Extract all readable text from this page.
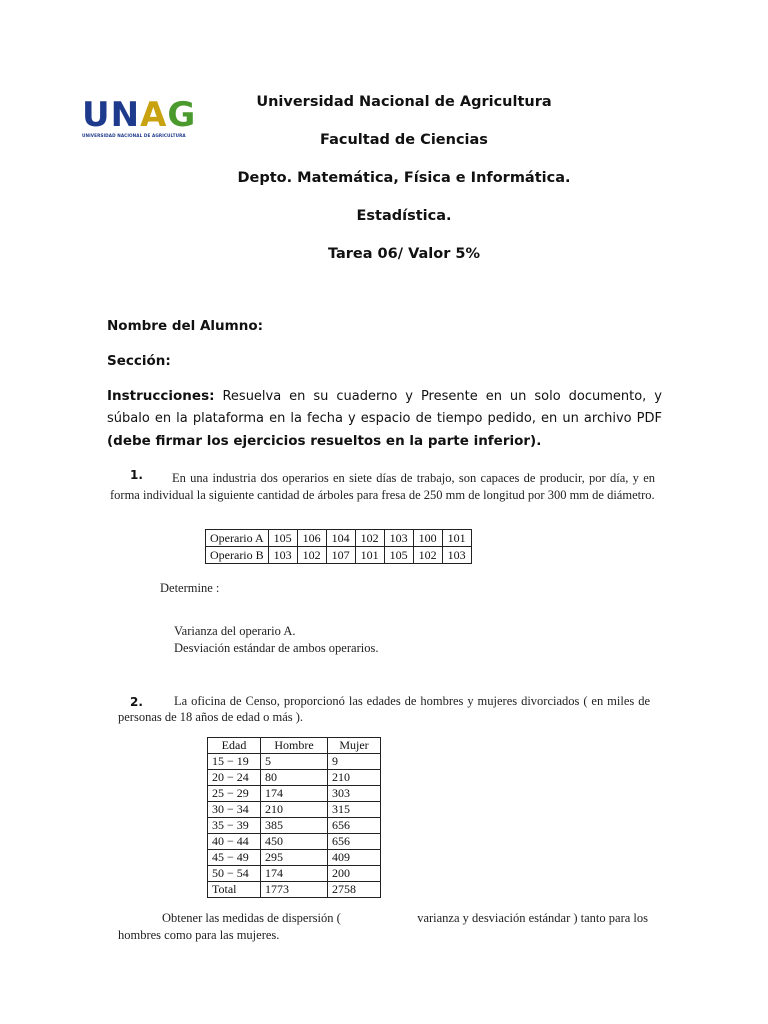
UNAG
UNIVERSIDAD NACIONAL DE AGRICULTURA
Universidad Nacional de Agricultura
Facultad de Ciencias
Depto. Matemática, Física e Informática.
Estadística.
Tarea 06/ Valor 5%
Nombre del Alumno:
Sección:
Instrucciones: Resuelva en su cuaderno y Presente en un solo documento, y súbalo en la plataforma en la fecha y espacio de tiempo pedido, en un archivo PDF (debe firmar los ejercicios resueltos en la parte inferior).
En una industria dos operarios en siete días de trabajo, son capaces de producir, por día, y en forma individual la siguiente cantidad de árboles para fresa de 250 mm de longitud por 300 mm de diámetro.
1.
Operario A	105	106	104	102	103	100	101
Operario B	103	102	107	101	105	102	103
Determine :
Varianza del operario A.
Desviación estándar de ambos operarios.
La oficina de Censo, proporcionó las edades de hombres y mujeres divorciados ( en miles de personas de 18 años de edad o más ).
2.
Edad	Hombre	Mujer
15 − 19	5	9
20 − 24	80	210
25 − 29	174	303
30 − 34	210	315
35 − 39	385	656
40 − 44	450	656
45 − 49	295	409
50 − 54	174	200
Total	1773	2758
Obtener las medidas de dispersión (	varianza y desviación estándar ) tanto para los
hombres como para las mujeres.
